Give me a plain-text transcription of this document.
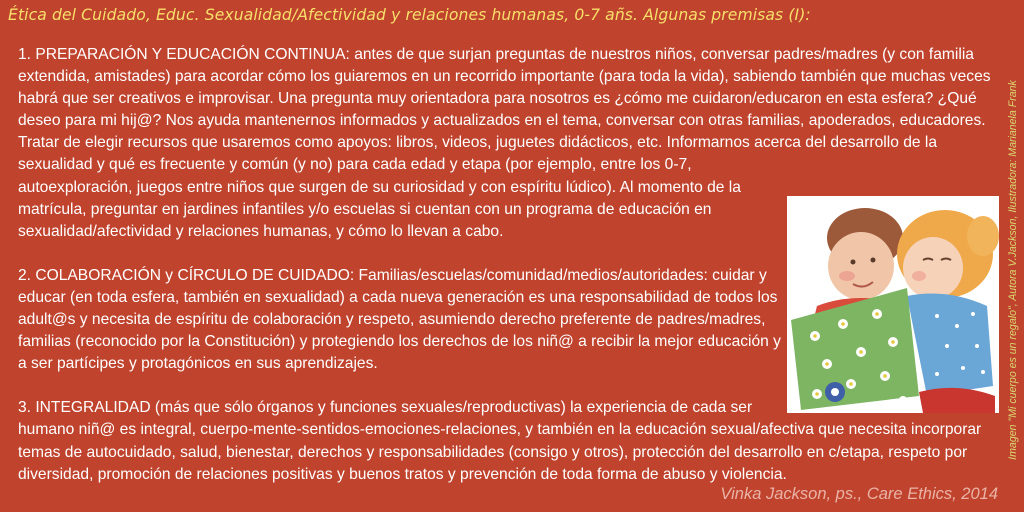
Ética del Cuidado, Educ. Sexualidad/Afectividad y relaciones humanas, 0-7 añs. Algunas premisas (I):

1. PREPARACIÓN Y EDUCACIÓN CONTINUA: antes de que surjan preguntas de nuestros niños, conversar padres/madres (y con familia extendida, amistades) para acordar cómo los guiaremos en un recorrido importante (para toda la vida), sabiendo también que muchas veces habrá que ser creativos e improvisar. Una pregunta muy orientadora para nosotros es ¿cómo me cuidaron/educaron en esta esfera? ¿Qué deseo para mi hij@? Nos ayuda mantenernos informados y actualizados en el tema, conversar con otras familias, apoderados, educadores. Tratar de elegir recursos que usaremos como apoyos: libros, videos, juguetes didácticos, etc. Informarnos acerca del desarrollo de la sexualidad y qué es frecuente y común (y no) para cada edad y etapa (por ejemplo, entre los 0-7,
autoexploración, juegos entre niños que surgen de su curiosidad y con espíritu lúdico). Al momento de la matrícula, preguntar en jardines infantiles y/o escuelas si cuentan con un programa de educación en sexualidad/afectividad y relaciones humanas, y cómo lo llevan a cabo.

2. COLABORACIÓN y CÍRCULO DE CUIDADO: Familias/escuelas/comunidad/medios/autoridades: cuidar y educar (en toda esfera, también en sexualidad) a cada nueva generación es una responsabilidad de todos los adult@s y necesita de espíritu de colaboración y respeto, asumiendo derecho preferente de padres/madres, familias (reconocido por la Constitución) y protegiendo los derechos de los niñ@ a recibir la mejor educación y a ser partícipes y protagónicos en sus aprendizajes.

3. INTEGRALIDAD (más que sólo órganos y funciones sexuales/reproductivas) la experiencia de cada ser
humano niñ@ es integral, cuerpo-mente-sentidos-emociones-relaciones, y también en la educación sexual/afectiva que necesita incorporar temas de autocuidado, salud, bienestar, derechos y responsabilidades (consigo y otros), protección del desarrollo en c/etapa, respeto por diversidad, promoción de relaciones positivas y buenos tratos y prevención de toda forma de abuso y violencia.

Imagen "Mi cuerpo es un regalo", Autora V.Jackson, Ilustradora: Marianela Frank
Vinka Jackson, ps., Care Ethics, 2014
